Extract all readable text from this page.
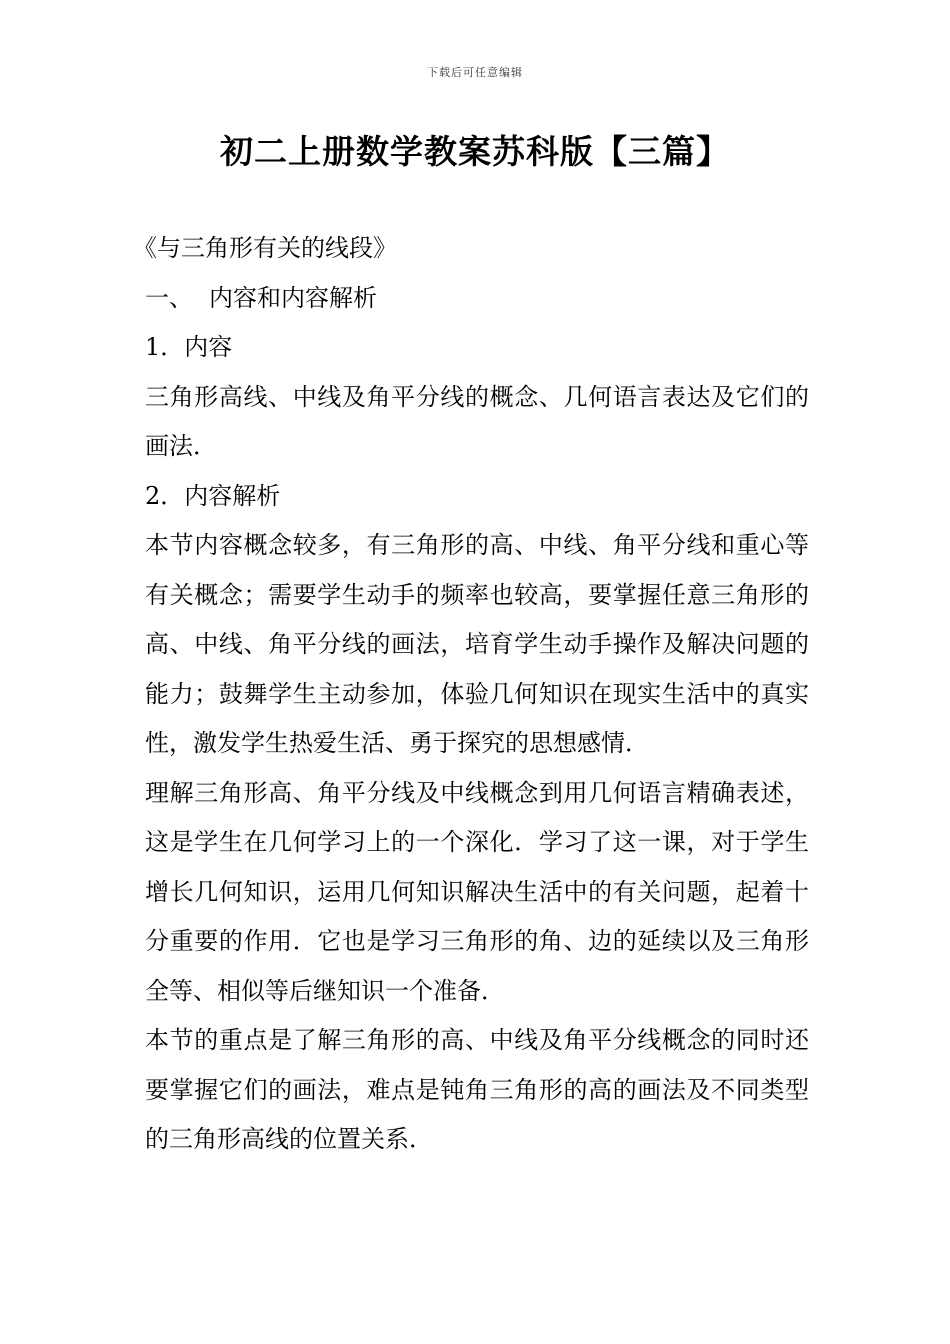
下载后可任意编辑
初二上册数学教案苏科版【三篇】

《与三角形有关的线段》

一、 内容和内容解析

1．内容

三角形高线、中线及角平分线的概念、几何语言表达及它们的画法．

2．内容解析

本节内容概念较多，有三角形的高、中线、角平分线和重心等有关概念；需要学生动手的频率也较高，要掌握任意三角形的高、中线、角平分线的画法，培育学生动手操作及解决问题的能力；鼓舞学生主动参加，体验几何知识在现实生活中的真实性，激发学生热爱生活、勇于探究的思想感情．

理解三角形高、角平分线及中线概念到用几何语言精确表述，这是学生在几何学习上的一个深化．学习了这一课，对于学生增长几何知识，运用几何知识解决生活中的有关问题，起着十分重要的作用．它也是学习三角形的角、边的延续以及三角形全等、相似等后继知识一个准备．

本节的重点是了解三角形的高、中线及角平分线概念的同时还要掌握它们的画法，难点是钝角三角形的高的画法及不同类型的三角形高线的位置关系．
